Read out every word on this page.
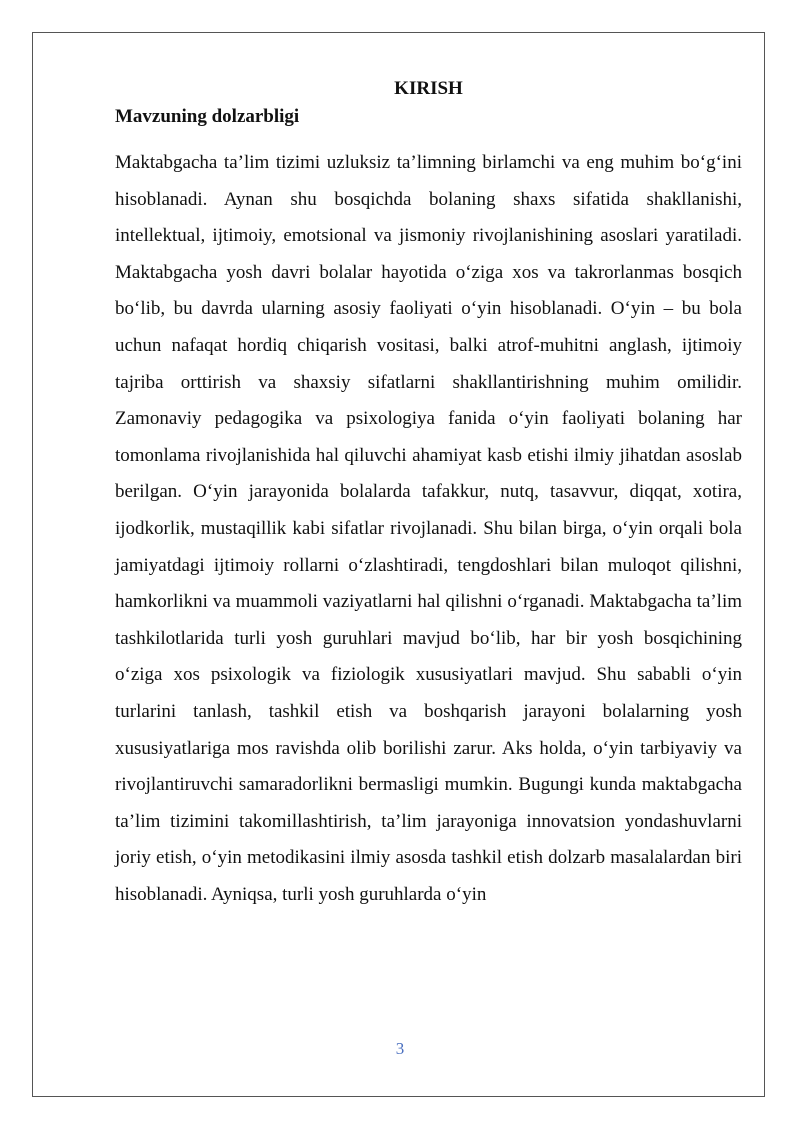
KIRISH
Mavzuning dolzarbligi

Maktabgacha ta’lim tizimi uzluksiz ta’limning birlamchi va eng muhim bo‘g‘ini hisoblanadi. Aynan shu bosqichda bolaning shaxs sifatida shakllanishi, intellektual, ijtimoiy, emotsional va jismoniy rivojlanishining asoslari yaratiladi. Maktabgacha yosh davri bolalar hayotida o‘ziga xos va takrorlanmas bosqich bo‘lib, bu davrda ularning asosiy faoliyati o‘yin hisoblanadi. O‘yin – bu bola uchun nafaqat hordiq chiqarish vositasi, balki atrof-muhitni anglash, ijtimoiy tajriba orttirish va shaxsiy sifatlarni shakllantirishning muhim omilidir. Zamonaviy pedagogika va psixologiya fanida o‘yin faoliyati bolaning har tomonlama rivojlanishida hal qiluvchi ahamiyat kasb etishi ilmiy jihatdan asoslab berilgan. O‘yin jarayonida bolalarda tafakkur, nutq, tasavvur, diqqat, xotira, ijodkorlik, mustaqillik kabi sifatlar rivojlanadi. Shu bilan birga, o‘yin orqali bola jamiyatdagi ijtimoiy rollarni o‘zlashtiradi, tengdoshlari bilan muloqot qilishni, hamkorlikni va muammoli vaziyatlarni hal qilishni o‘rganadi. Maktabgacha ta’lim tashkilotlarida turli yosh guruhlari mavjud bo‘lib, har bir yosh bosqichining o‘ziga xos psixologik va fiziologik xususiyatlari mavjud. Shu sababli o‘yin turlarini tanlash, tashkil etish va boshqarish jarayoni bolalarning yosh xususiyatlariga mos ravishda olib borilishi zarur. Aks holda, o‘yin tarbiyaviy va rivojlantiruvchi samaradorlikni bermasligi mumkin. Bugungi kunda maktabgacha ta’lim tizimini takomillashtirish, ta’lim jarayoniga innovatsion yondashuvlarni joriy etish, o‘yin metodikasini ilmiy asosda tashkil etish dolzarb masalalardan biri hisoblanadi. Ayniqsa, turli yosh guruhlarda o‘yin

3
